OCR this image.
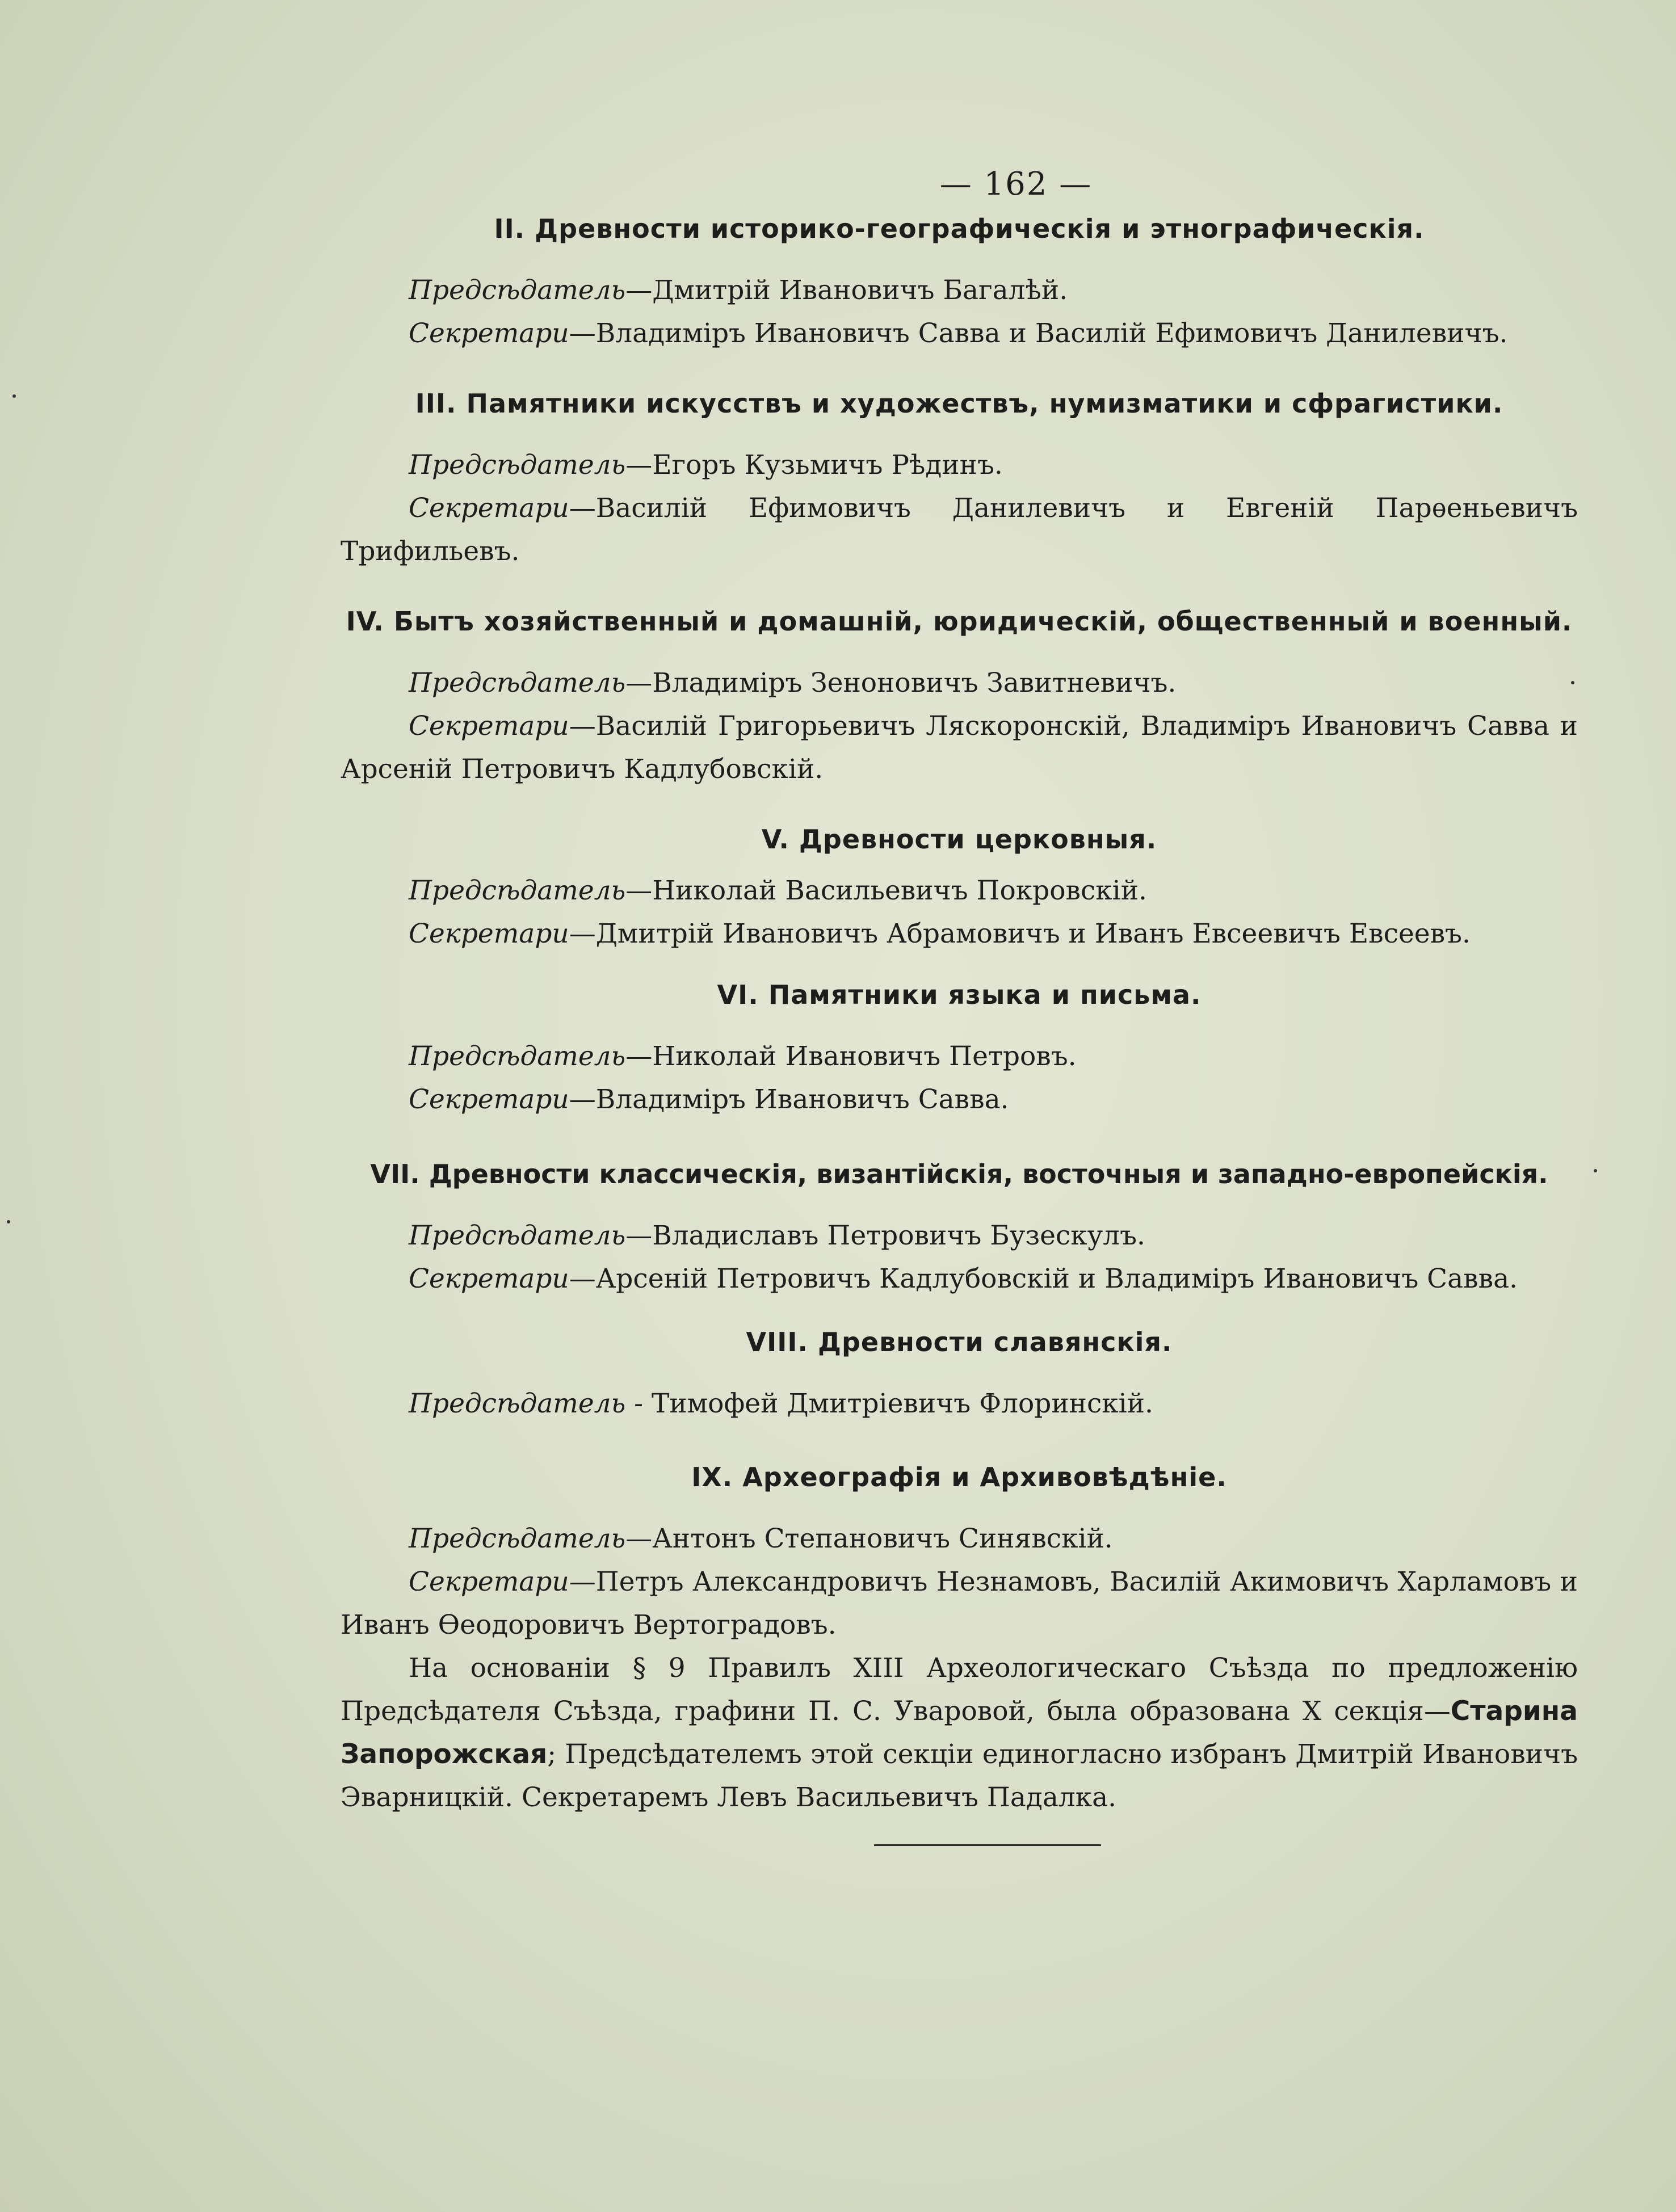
— 162 —
II. Древности историко-географическія и этнографическія.

Предсѣдатель—Дмитрій Ивановичъ Багалѣй.

Секретари—Владиміръ Ивановичъ Савва и Василій Ефимовичъ Данилевичъ.

III. Памятники искусствъ и художествъ, нумизматики и сфрагистики.

Предсѣдатель—Егоръ Кузьмичъ Рѣдинъ.

Секретари—Василій Ефимовичъ Данилевичъ и Евгеній Парѳеньевичъ Трифильевъ.

IV. Бытъ хозяйственный и домашній, юридическій, общественный и военный.

Предсѣдатель—Владиміръ Зеноновичъ Завитневичъ.

Секретари—Василій Григорьевичъ Ляскоронскій, Владиміръ Ивановичъ Савва и Арсеній Петровичъ Кадлубовскій.

V. Древности церковныя.

Предсѣдатель—Николай Васильевичъ Покровскій.

Секретари—Дмитрій Ивановичъ Абрамовичъ и Иванъ Евсеевичъ Евсеевъ.

VI. Памятники языка и письма.

Предсѣдатель—Николай Ивановичъ Петровъ.

Секретари—Владиміръ Ивановичъ Савва.

VII. Древности классическія, византійскія, восточныя и западно-европейскія.

Предсѣдатель—Владиславъ Петровичъ Бузескулъ.

Секретари—Арсеній Петровичъ Кадлубовскій и Владиміръ Ивановичъ Савва.

VIII. Древности славянскія.

Предсѣдатель - Тимофей Дмитріевичъ Флоринскій.

IX. Археографія и Архивовѣдѣніе.

Предсѣдатель—Антонъ Степановичъ Синявскій.

Секретари—Петръ Александровичъ Незнамовъ, Василій Акимовичъ Харламовъ и Иванъ Ѳеодоровичъ Вертоградовъ.

На основаніи § 9 Правилъ XIII Археологическаго Съѣзда по предложенію Предсѣдателя Съѣзда, графини П. С. Уваровой, была образована X секція—Старина Запорожская; Предсѣдателемъ этой секціи единогласно избранъ Дмитрій Ивановичъ Эварницкій. Секретаремъ Левъ Васильевичъ Падалка.
